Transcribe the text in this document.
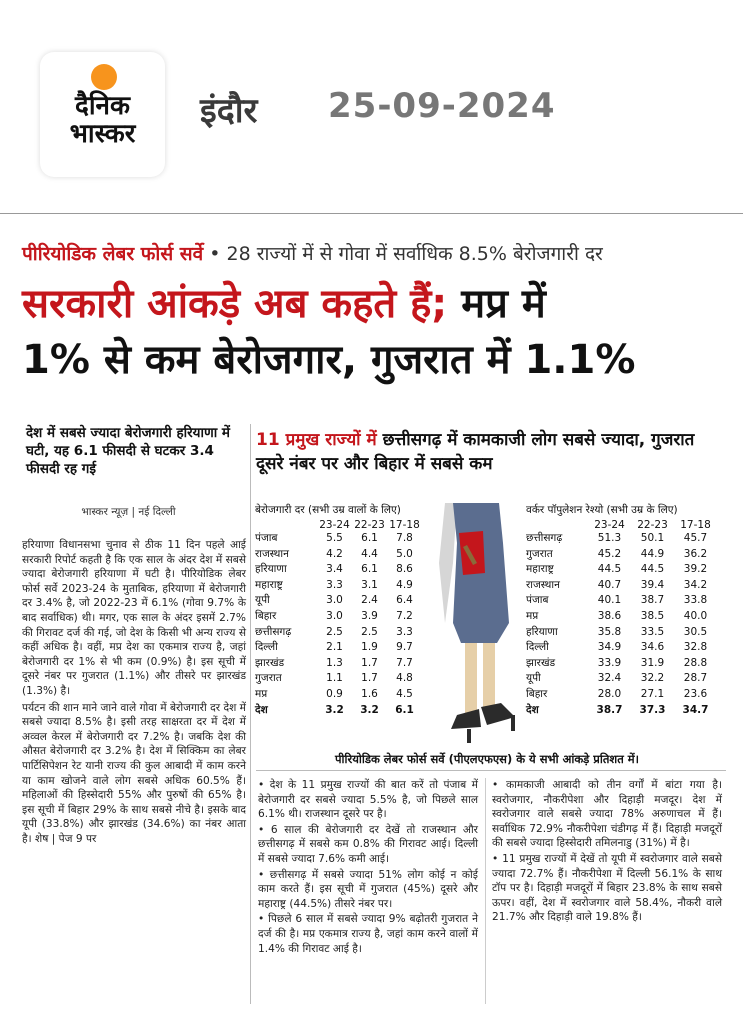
दैनिक
भास्कर
इंदौर 25-09-2024
पीरियोडिक लेबर फोर्स सर्वे • 28 राज्यों में से गोवा में सर्वाधिक 8.5% बेरोजगारी दर
सरकारी आंकड़े अब कहते हैं; मप्र में
1% से कम बेरोजगार, गुजरात में 1.1%
देश में सबसे ज्यादा बेरोजगारी हरियाणा में घटी, यह 6.1 फीसदी से घटकर 3.4 फीसदी रह गई
भास्कर न्यूज़ | नई दिल्ली

हरियाणा विधानसभा चुनाव से ठीक 11 दिन पहले आई सरकारी रिपोर्ट कहती है कि एक साल के अंदर देश में सबसे ज्यादा बेरोजगारी हरियाणा में घटी है। पीरियोडिक लेबर फोर्स सर्वे 2023-24 के मुताबिक, हरियाणा में बेरोजगारी दर 3.4% है, जो 2022-23 में 6.1% (गोवा 9.7% के बाद सर्वाधिक) थी। मगर, एक साल के अंदर इसमें 2.7% की गिरावट दर्ज की गई, जो देश के किसी भी अन्य राज्य से कहीं अधिक है। वहीं, मप्र देश का एकमात्र राज्य है, जहां बेरोजगारी दर 1% से भी कम (0.9%) है। इस सूची में दूसरे नंबर पर गुजरात (1.1%) और तीसरे पर झारखंड (1.3%) है।

पर्यटन की शान माने जाने वाले गोवा में बेरोजगारी दर देश में सबसे ज्यादा 8.5% है। इसी तरह साक्षरता दर में देश में अव्वल केरल में बेरोजगारी दर 7.2% है। जबकि देश की औसत बेरोजगारी दर 3.2% है। देश में सिक्किम का लेबर पार्टिसिपेशन रेट यानी राज्य की कुल आबादी में काम करने या काम खोजने वाले लोग सबसे अधिक 60.5% हैं। महिलाओं की हिस्सेदारी 55% और पुरुषों की 65% है। इस सूची में बिहार 29% के साथ सबसे नीचे है। इसके बाद यूपी (33.8%) और झारखंड (34.6%) का नंबर आता है। शेष | पेज 9 पर

11 प्रमुख राज्यों में छत्तीसगढ़ में कामकाजी लोग सबसे ज्यादा, गुजरात दूसरे नंबर पर और बिहार में सबसे कम
बेरोजगारी दर (सभी उम्र वालों के लिए)
23-24 22-23 17-18
पंजाब	5.5	6.1	7.8
राजस्थान	4.2	4.4	5.0
हरियाणा	3.4	6.1	8.6
महाराष्ट्र	3.3	3.1	4.9
यूपी	3.0	2.4	6.4
बिहार	3.0	3.9	7.2
छत्तीसगढ़	2.5	2.5	3.3
दिल्ली	2.1	1.9	9.7
झारखंड	1.3	1.7	7.7
गुजरात	1.1	1.7	4.8
मप्र	0.9	1.6	4.5
देश	3.2	3.2	6.1
वर्कर पॉपुलेशन रेश्यो (सभी उम्र के लिए)
23-24	22-23	17-18
छत्तीसगढ़	51.3	50.1	45.7
गुजरात	45.2	44.9	36.2
महाराष्ट्र	44.5	44.5	39.2
राजस्थान	40.7	39.4	34.2
पंजाब	40.1	38.7	33.8
मप्र	38.6	38.5	40.0
हरियाणा	35.8	33.5	30.5
दिल्ली	34.9	34.6	32.8
झारखंड	33.9	31.9	28.8
यूपी	32.4	32.2	28.7
बिहार	28.0	27.1	23.6
देश	38.7	37.3	34.7
पीरियोडिक लेबर फोर्स सर्वे (पीएलएफएस) के ये सभी आंकड़े प्रतिशत में।

• देश के 11 प्रमुख राज्यों की बात करें तो पंजाब में बेरोजगारी दर सबसे ज्यादा 5.5% है, जो पिछले साल 6.1% थी। राजस्थान दूसरे पर है।

• 6 साल की बेरोजगारी दर देखें तो राजस्थान और छत्तीसगढ़ में सबसे कम 0.8% की गिरावट आई। दिल्ली में सबसे ज्यादा 7.6% कमी आई।

• छत्तीसगढ़ में सबसे ज्यादा 51% लोग कोई न कोई काम करते हैं। इस सूची में गुजरात (45%) दूसरे और महाराष्ट्र (44.5%) तीसरे नंबर पर।

• पिछले 6 साल में सबसे ज्यादा 9% बढ़ोतरी गुजरात ने दर्ज की है। मप्र एकमात्र राज्य है, जहां काम करने वालों में 1.4% की गिरावट आई है।

• कामकाजी आबादी को तीन वर्गों में बांटा गया है। स्वरोजगार, नौकरीपेशा और दिहाड़ी मजदूर। देश में स्वरोजगार वाले सबसे ज्यादा 78% अरुणाचल में हैं। सर्वाधिक 72.9% नौकरीपेशा चंडीगढ़ में हैं। दिहाड़ी मजदूरों की सबसे ज्यादा हिस्सेदारी तमिलनाडु (31%) में है।

• 11 प्रमुख राज्यों में देखें तो यूपी में स्वरोजगार वाले सबसे ज्यादा 72.7% हैं। नौकरीपेशा में दिल्ली 56.1% के साथ टॉप पर है। दिहाड़ी मजदूरों में बिहार 23.8% के साथ सबसे ऊपर। वहीं, देश में स्वरोजगार वाले 58.4%, नौकरी वाले 21.7% और दिहाड़ी वाले 19.8% हैं।
